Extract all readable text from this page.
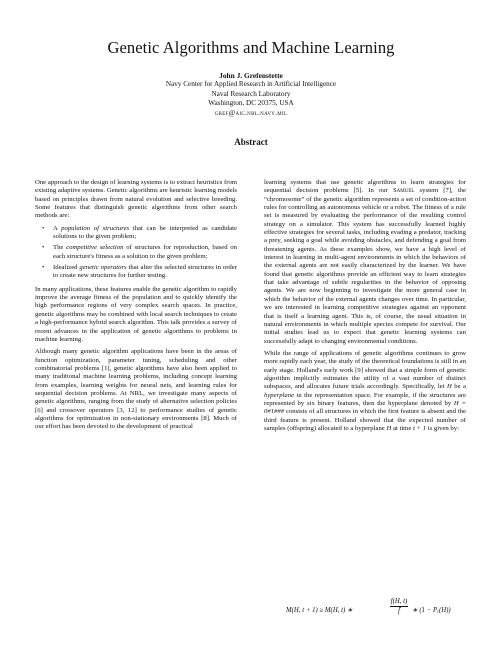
Genetic Algorithms and Machine Learning
John J. Grefenstette
Navy Center for Applied Research in Artificial Intelligence
Naval Research Laboratory
Washington, DC 20375, USA
gref@aic.nrl.navy.mil
Abstract

One approach to the design of learning systems is to extract heuristics from existing adaptive systems. Genetic algorithms are heuristic learning models based on principles drawn from natural evolution and selective breeding. Some features that distinguish genetic algorithms from other search methods are:

• A population of structures that can be interpreted as candidate solutions to the given problem;
• The competitive selection of structures for reproduction, based on each structure's fitness as a solution to the given problem;
• Idealized genetic operators that alter the selected structures in order to create new structures for further testing.

In many applications, these features enable the genetic algorithm to rapidly improve the average fitness of the population and to quickly identify the high performance regions of very complex search spaces. In practice, genetic algorithms may be combined with local search techniques to create a high-performance hybrid search algorithm. This talk provides a survey of recent advances in the application of genetic algorithms to problems in machine learning.

Although many genetic algorithm applications have been in the areas of function optimization, parameter tuning, scheduling and other combinatorial problems [1], genetic algorithms have also been applied to many traditional machine learning problems, including concept learning from examples, learning weights for neural nets, and learning rules for sequential decision problems. At NRL, we investigate many aspects of genetic algorithms, ranging from the study of alternative selection policies [6] and crossover operators [3, 12] to performance studies of genetic algorithms for optimization in non-stationary environments [8]. Much of our effort has been devoted to the development of practical

learning systems that use genetic algorithms to learn strategies for sequential decision problems [5]. In our Samuel system [7], the “chromosome” of the genetic algorithm represents a set of condition-action rules for controlling an autonomous vehicle or a robot. The fitness of a rule set is measured by evaluating the performance of the resulting control strategy on a simulator. This system has successfully learned highly effective strategies for several tasks, including evading a predator, tracking a prey, seeking a goal while avoiding obstacles, and defending a goal from threatening agents. As these examples show, we have a high level of interest in learning in multi-agent environments in which the behaviors of the external agents are not easily characterized by the learner. We have found that genetic algorithms provide an efficient way to learn strategies that take advantage of subtle regularities in the behavior of opposing agents. We are now beginning to investigate the more general case in which the behavior of the external agents changes over time. In particular, we are interested in learning competitive strategies against an opponent that is itself a learning agent. This is, of course, the usual situation in natural environments in which multiple species compete for survival. Our initial studies lead us to expect that genetic learning systems can successfully adapt to changing environmental conditions.

While the range of applications of genetic algorithms continues to grow more rapidly each year, the study of the theoretical foundations is still in an early stage. Holland's early work [9] showed that a simple form of genetic algorithm implicitly estimates the utility of a vast number of distinct subspaces, and allocates future trials accordingly. Specifically, let H be a hyperplane in the representation space. For example, if the structures are represented by six binary features, then the hyperplane denoted by H = 0#1### consists of all structures in which the first feature is absent and the third feature is present. Holland showed that the expected number of samples (offspring) allocated to a hyperplane H at time t + 1 is given by:

M(H, t + 1) ≥ M(H, t) ∗
f(H, t)
f̄	∗ (1 − Pₑ(H))
